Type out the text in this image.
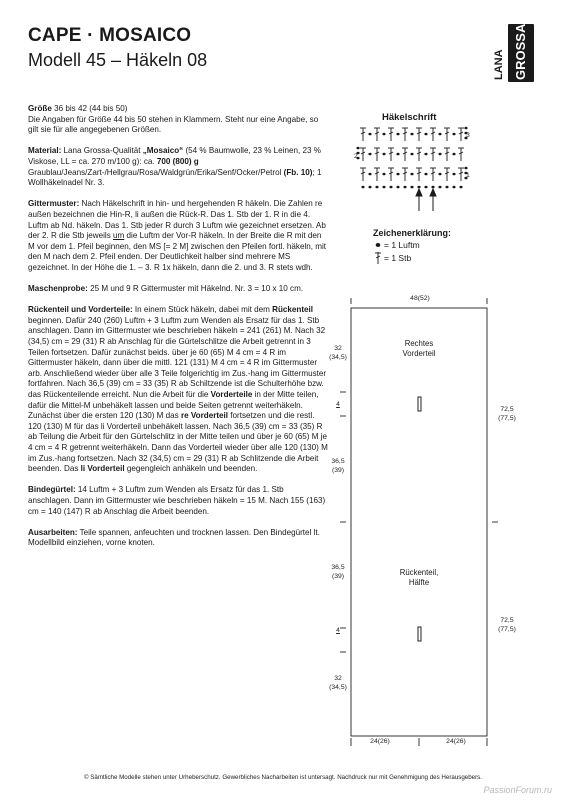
CAPE · MOSAICO
Modell 45 – Häkeln 08	LANA GROSSA

Größe 36 bis 42 (44 bis 50)
Die Angaben für Größe 44 bis 50 stehen in Klammern. Steht nur eine Angabe, so gilt sie für alle angegebenen Größen.

Material: Lana Grossa-Qualität „Mosaico“ (54 % Baumwolle, 23 % Leinen, 23 % Viskose, LL = ca. 270 m/100 g): ca. 700 (800) g Graublau/Jeans/Zart-/Hellgrau/Rosa/Waldgrün/Erika/Senf/Ocker/Petrol (Fb. 10); 1 Wollhäkelnadel Nr. 3.

Gittermuster: Nach Häkelschrift in hin- und hergehenden R häkeln. Die Zahlen re außen bezeichnen die Hin-R, li außen die Rück-R. Das 1. Stb der 1. R in die 4. Luftm ab Nd. häkeln. Das 1. Stb jeder R durch 3 Luftm wie gezeichnet ersetzen. Ab der 2. R die Stb jeweils um die Luftm der Vor-R häkeln. In der Breite die R mit den M vor dem 1. Pfeil beginnen, den MS [= 2 M] zwischen den Pfeilen fortl. häkeln, mit den M nach dem 2. Pfeil enden. Der Deutlichkeit halber sind mehrere MS gezeichnet. In der Höhe die 1. – 3. R 1x häkeln, dann die 2. und 3. R stets wdh.

Maschenprobe: 25 M und 9 R Gittermuster mit Häkelnd. Nr. 3 = 10 x 10 cm.

Rückenteil und Vorderteile: In einem Stück häkeln, dabei mit dem Rückenteil beginnen. Dafür 240 (260) Luftm + 3 Luftm zum Wenden als Ersatz für das 1. Stb anschlagen. Dann im Gittermuster wie beschrieben häkeln = 241 (261) M. Nach 32 (34,5) cm = 29 (31) R ab Anschlag für die Gürtelschlitze die Arbeit getrennt in 3 Teilen fortsetzen. Dafür zunächst beids. über je 60 (65) M 4 cm = 4 R im Gittermuster häkeln, dann über die mittl. 121 (131) M 4 cm = 4 R im Gittermuster arb. Anschließend wieder über alle 3 Teile folgerichtig im Zus.-hang im Gittermuster fortfahren. Nach 36,5 (39) cm = 33 (35) R ab Schiltzende ist die Schulterhöhe bzw. das Rückenteilende erreicht. Nun die Arbeit für die Vorderteile in der Mitte teilen, dafür die Mittel-M unbehäkelt lassen und beide Seiten getrennt weiterhäkeln. Zunächst über die ersten 120 (130) M das re Vorderteil fortsetzen und die restl. 120 (130) M für das li Vorderteil unbehäkelt lassen. Nach 36,5 (39) cm = 33 (35) R ab Teilung die Arbeit für den Gürtelschlitz in der Mitte teilen und über je 60 (65) M je 4 cm = 4 R getrennt weiterhäkeln. Dann das Vorderteil wieder über alle 120 (130) M im Zus.-hang fortsetzen. Nach 32 (34,5) cm = 29 (31) R ab Schlitzende die Arbeit beenden. Das li Vorderteil gegengleich anhäkeln und beenden.

Bindegürtel: 14 Luftm + 3 Luftm zum Wenden als Ersatz für das 1. Stb anschlagen. Dann im Gittermuster wie beschrieben häkeln = 15 M. Nach 155 (163) cm = 140 (147) R ab Anschlag die Arbeit beenden.

Ausarbeiten: Teile spannen, anfeuchten und trocknen lassen. Den Bindegürtel lt. Modellbild einziehen, vorne knoten.

Häkelschrift
Zeichenerklärung:
= 1 Luftm
= 1 Stb
3
2
1
48(52)
24(26)	24(26)
Rechtes
Vorderteil
Rückenteil,
Hälfte
32
(34,5)
4
36,5
(39)
36,5
(39)
4
32
(34,5)
72,5
(77,5)
72,5
(77,5)
© Sämtliche Modelle stehen unter Urheberschutz. Gewerbliches Nacharbeiten ist untersagt. Nachdruck nur mit Genehmigung des Herausgebers.
PassionForum.ru
